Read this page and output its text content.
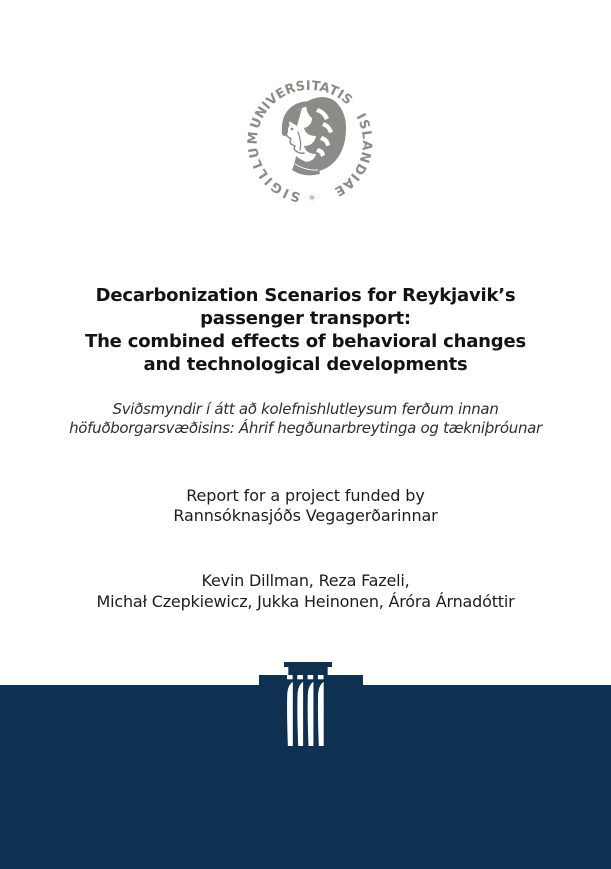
SIGILLUM
UNIVERSITATIS
ISLANDIAE
✳
Decarbonization Scenarios for Reykjavik’s
passenger transport:
The combined effects of behavioral changes
and technological developments
Sviðsmyndir í átt að kolefnishlutleysum ferðum innan
höfuðborgarsvæðisins: Áhrif hegðunarbreytinga og tækniþróunar
Report for a project funded by
Rannsóknasjóðs Vegagerðarinnar
Kevin Dillman, Reza Fazeli,
Michał Czepkiewicz, Jukka Heinonen, Áróra Árnadóttir
